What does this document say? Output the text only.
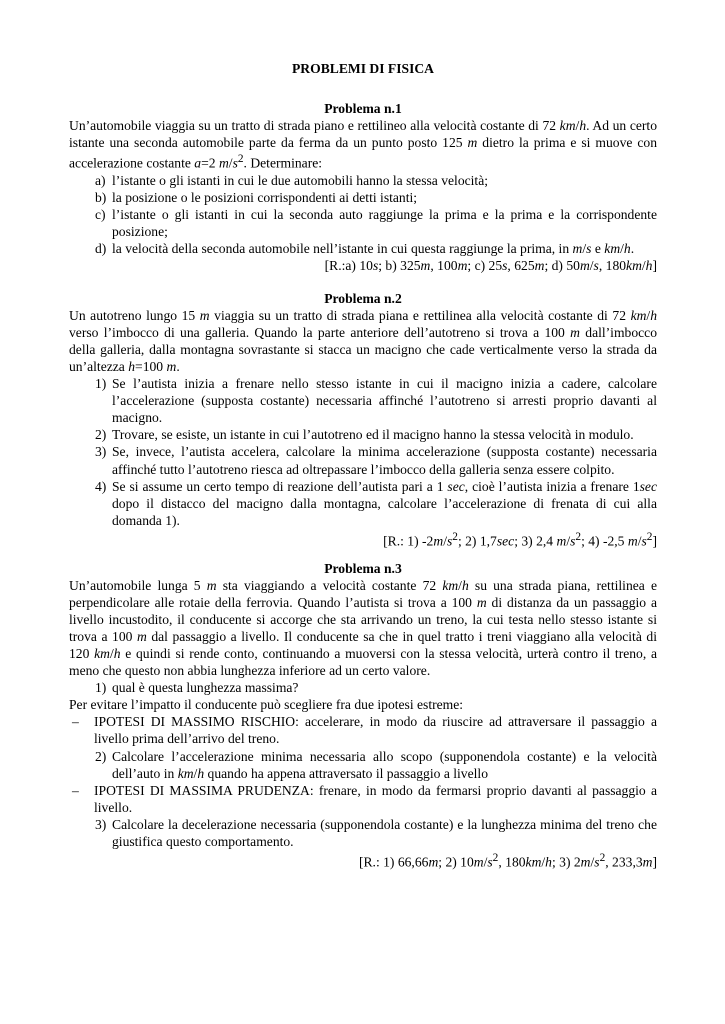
PROBLEMI DI FISICA

Problema n.1

Un’automobile viaggia su un tratto di strada piano e rettilineo alla velocità costante di 72 km/h. Ad un certo istante una seconda automobile parte da ferma da un punto posto 125 m dietro la prima e si muove con accelerazione costante a=2 $m/s^2$. Determinare:

a) l’istante o gli istanti in cui le due automobili hanno la stessa velocità;
b) la posizione o le posizioni corrispondenti ai detti istanti;
c) l’istante o gli istanti in cui la seconda auto raggiunge la prima e la prima e la corrispondente posizione;
d) la velocità della seconda automobile nell’istante in cui questa raggiunge la prima, in m/s e km/h.

[R.:a) 10s; b) 325m, 100m; c) 25s, 625m; d) 50m/s, 180km/h]

Problema n.2

Un autotreno lungo 15 m viaggia su un tratto di strada piana e rettilinea alla velocità costante di 72 km/h verso l’imbocco di una galleria. Quando la parte anteriore dell’autotreno si trova a 100 m dall’imbocco della galleria, dalla montagna sovrastante si stacca un macigno che cade verticalmente verso la strada da un’altezza h=100 m.

1) Se l’autista inizia a frenare nello stesso istante in cui il macigno inizia a cadere, calcolare l’accelerazione (supposta costante) necessaria affinché l’autotreno si arresti proprio davanti al macigno.
2) Trovare, se esiste, un istante in cui l’autotreno ed il macigno hanno la stessa velocità in modulo.
3) Se, invece, l’autista accelera, calcolare la minima accelerazione (supposta costante) necessaria affinché tutto l’autotreno riesca ad oltrepassare l’imbocco della galleria senza essere colpito.
4) Se si assume un certo tempo di reazione dell’autista pari a 1 sec, cioè l’autista inizia a frenare 1sec dopo il distacco del macigno dalla montagna, calcolare l’accelerazione di frenata di cui alla domanda 1).

[R.: 1) $-2m/s^2$; 2) 1,7sec; 3) 2,4 $m/s^2$; 4) -2,5 $m/s^2$]

Problema n.3

Un’automobile lunga 5 m sta viaggiando a velocità costante 72 km/h su una strada piana, rettilinea e perpendicolare alle rotaie della ferrovia. Quando l’autista si trova a 100 m di distanza da un passaggio a livello incustodito, il conducente si accorge che sta arrivando un treno, la cui testa nello stesso istante si trova a 100 m dal passaggio a livello. Il conducente sa che in quel tratto i treni viaggiano alla velocità di 120 km/h e quindi si rende conto, continuando a muoversi con la stessa velocità, urterà contro il treno, a meno che questo non abbia lunghezza inferiore ad un certo valore.

1) qual è questa lunghezza massima?

Per evitare l’impatto il conducente può scegliere fra due ipotesi estreme:

– IPOTESI DI MASSIMO RISCHIO: accelerare, in modo da riuscire ad attraversare il passaggio a livello prima dell’arrivo del treno.
2) Calcolare l’accelerazione minima necessaria allo scopo (supponendola costante) e la velocità dell’auto in km/h quando ha appena attraversato il passaggio a livello
– IPOTESI DI MASSIMA PRUDENZA: frenare, in modo da fermarsi proprio davanti al passaggio a livello.
3) Calcolare la decelerazione necessaria (supponendola costante) e la lunghezza minima del treno che giustifica questo comportamento.

[R.: 1) 66,66m; 2) $10m/s^2$, 180km/h; 3) $2m/s^2$, 233,3m]
